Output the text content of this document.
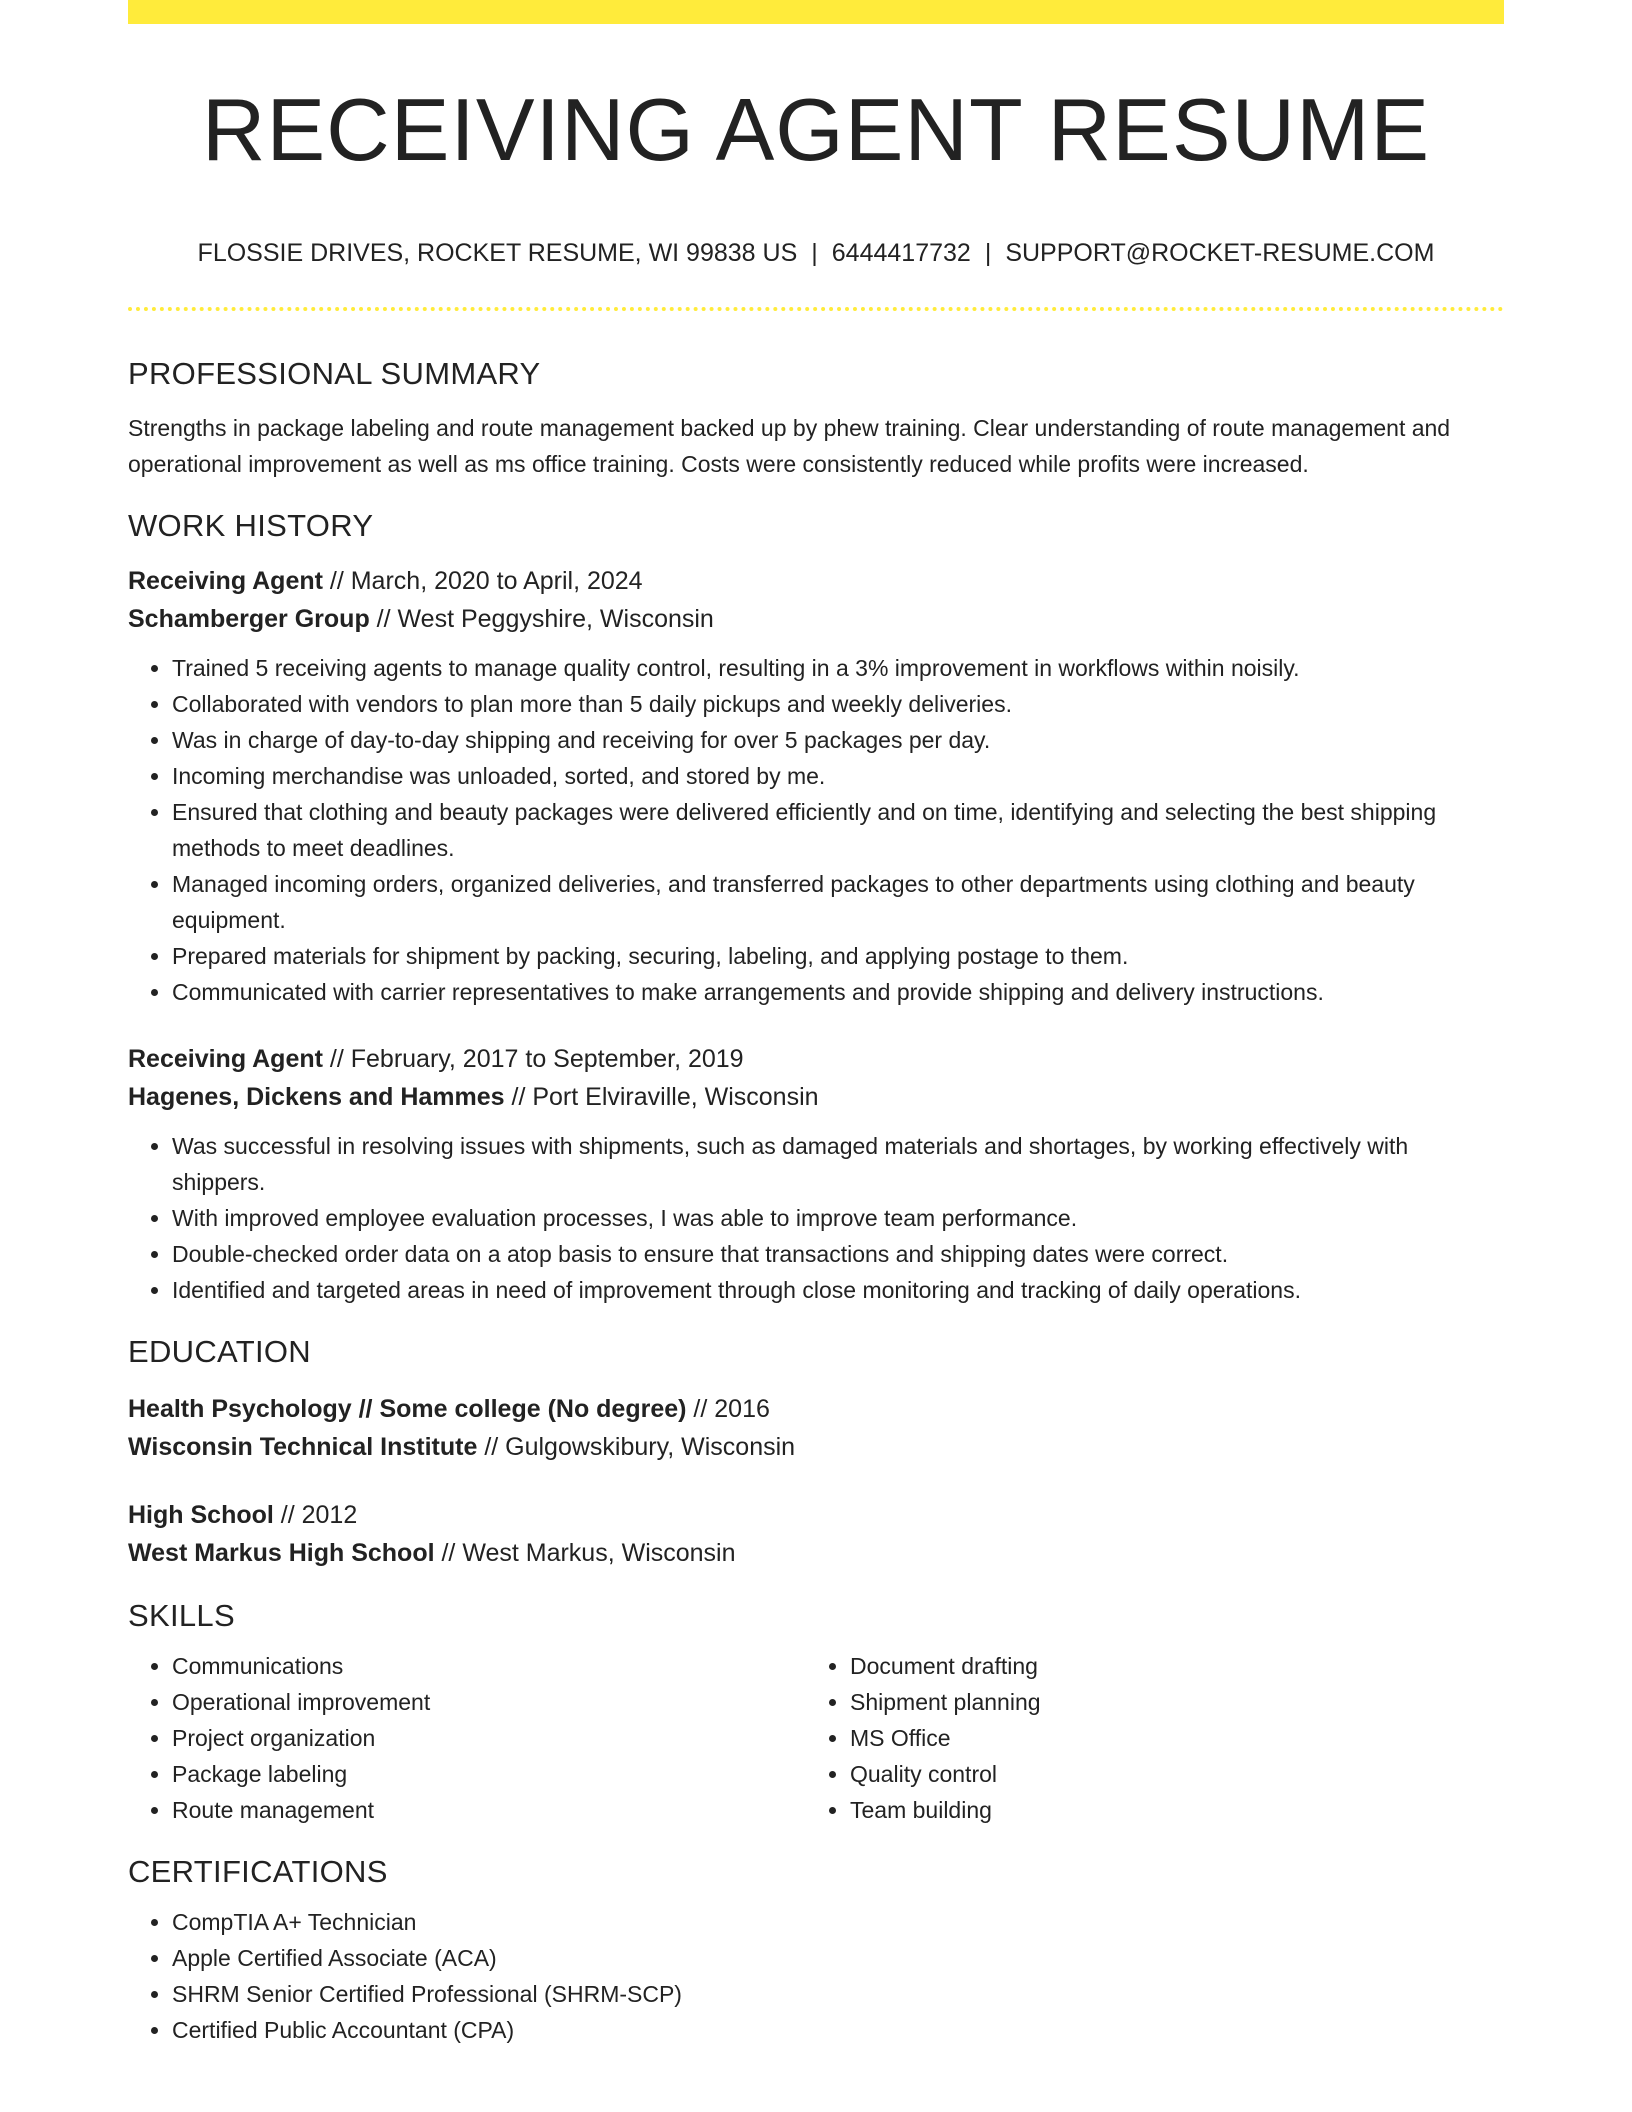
RECEIVING AGENT RESUME
FLOSSIE DRIVES, ROCKET RESUME, WI 99838 US | 6444417732 | SUPPORT@ROCKET-RESUME.COM
PROFESSIONAL SUMMARY

Strengths in package labeling and route management backed up by phew training. Clear understanding of route management and operational improvement as well as ms office training. Costs were consistently reduced while profits were increased.

WORK HISTORY

Receiving Agent // March, 2020 to April, 2024

Schamberger Group // West Peggyshire, Wisconsin

• Trained 5 receiving agents to manage quality control, resulting in a 3% improvement in workflows within noisily.
• Collaborated with vendors to plan more than 5 daily pickups and weekly deliveries.
• Was in charge of day-to-day shipping and receiving for over 5 packages per day.
• Incoming merchandise was unloaded, sorted, and stored by me.
• Ensured that clothing and beauty packages were delivered efficiently and on time, identifying and selecting the best shipping methods to meet deadlines.
• Managed incoming orders, organized deliveries, and transferred packages to other departments using clothing and beauty equipment.
• Prepared materials for shipment by packing, securing, labeling, and applying postage to them.
• Communicated with carrier representatives to make arrangements and provide shipping and delivery instructions.

Receiving Agent // February, 2017 to September, 2019

Hagenes, Dickens and Hammes // Port Elviraville, Wisconsin

• Was successful in resolving issues with shipments, such as damaged materials and shortages, by working effectively with shippers.
• With improved employee evaluation processes, I was able to improve team performance.
• Double-checked order data on a atop basis to ensure that transactions and shipping dates were correct.
• Identified and targeted areas in need of improvement through close monitoring and tracking of daily operations.
EDUCATION

Health Psychology // Some college (No degree) // 2016

Wisconsin Technical Institute // Gulgowskibury, Wisconsin

High School // 2012

West Markus High School // West Markus, Wisconsin

SKILLS
• Communications
• Operational improvement
• Project organization
• Package labeling
• Route management
• Document drafting
• Shipment planning
• MS Office
• Quality control
• Team building
CERTIFICATIONS
• CompTIA A+ Technician
• Apple Certified Associate (ACA)
• SHRM Senior Certified Professional (SHRM-SCP)
• Certified Public Accountant (CPA)
